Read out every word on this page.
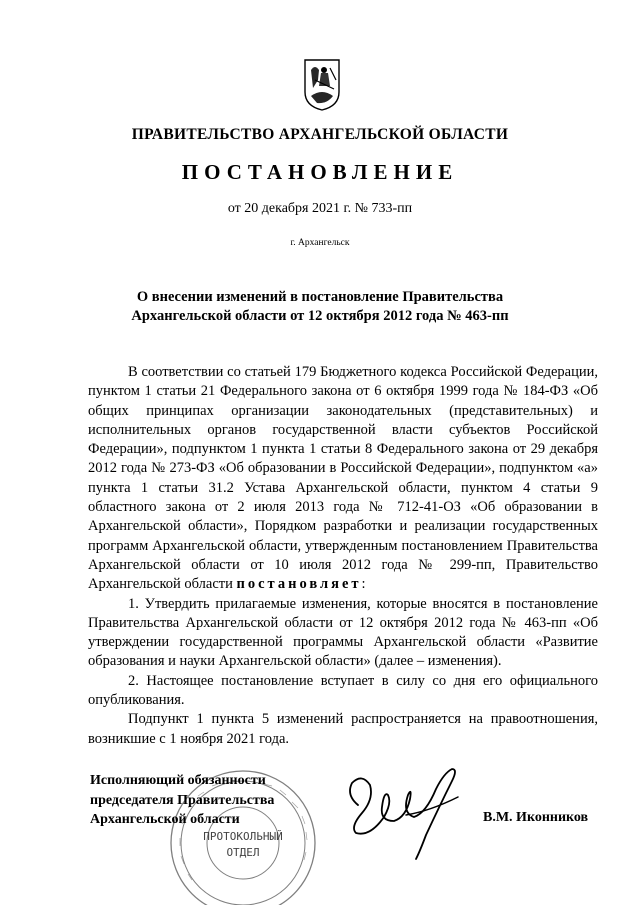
ПРАВИТЕЛЬСТВО АРХАНГЕЛЬСКОЙ ОБЛАСТИ
ПОСТАНОВЛЕНИЕ
от 20 декабря 2021 г. № 733-пп
г. Архангельск
О внесении изменений в постановление Правительства
Архангельской области от 12 октября 2012 года № 463-пп

В соответствии со статьей 179 Бюджетного кодекса Российской Федерации, пунктом 1 статьи 21 Федерального закона от 6 октября 1999 года № 184-ФЗ «Об общих принципах организации законодательных (представительных) и исполнительных органов государственной власти субъектов Российской Федерации», подпунктом 1 пункта 1 статьи 8 Федерального закона от 29 декабря 2012 года № 273-ФЗ «Об образовании в Российской Федерации», подпунктом «а» пункта 1 статьи 31.2 Устава Архангельской области, пунктом 4 статьи 9 областного закона от 2 июля 2013 года № 712-41-ОЗ «Об образовании в Архангельской области», Порядком разработки и реализации государственных программ Архангельской области, утвержденным постановлением Правительства Архангельской области от 10 июля 2012 года № 299-пп, Правительство Архангельской области постановляет:

1. Утвердить прилагаемые изменения, которые вносятся в постановление Правительства Архангельской области от 12 октября 2012 года № 463-пп «Об утверждении государственной программы Архангельской области «Развитие образования и науки Архангельской области» (далее – изменения).

2. Настоящее постановление вступает в силу со дня его официального опубликования.

Подпункт 1 пункта 5 изменений распространяется на правоотношения, возникшие с 1 ноября 2021 года.

ПРОТОКОЛЬНЫЙ
ОТДЕЛ
Исполняющий обязанности
председателя Правительства
Архангельской области	В.М. Иконников
